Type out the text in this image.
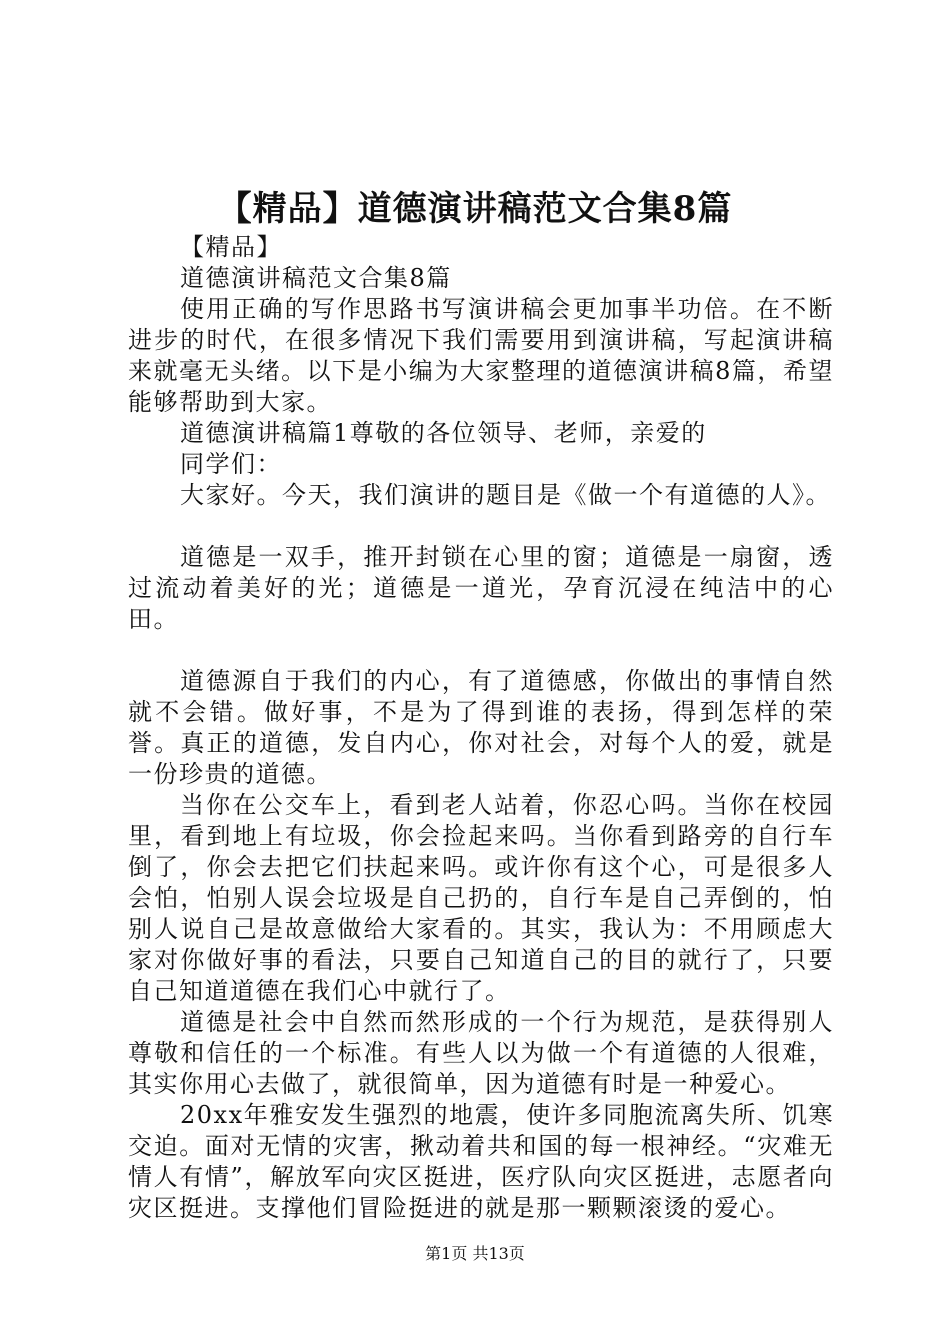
【精品】道德演讲稿范文合集8篇

【精品】

道德演讲稿范文合集8篇

使用正确的写作思路书写演讲稿会更加事半功倍。在不断进步的时代，在很多情况下我们需要用到演讲稿，写起演讲稿来就毫无头绪。以下是小编为大家整理的道德演讲稿8篇，希望能够帮助到大家。

道德演讲稿篇1尊敬的各位领导、老师，亲爱的

同学们：

大家好。今天，我们演讲的题目是《做一个有道德的人》。

道德是一双手，推开封锁在心里的窗；道德是一扇窗，透过流动着美好的光；道德是一道光，孕育沉浸在纯洁中的心田。

道德源自于我们的内心，有了道德感，你做出的事情自然就不会错。做好事，不是为了得到谁的表扬，得到怎样的荣誉。真正的道德，发自内心，你对社会，对每个人的爱，就是一份珍贵的道德。

当你在公交车上，看到老人站着，你忍心吗。当你在校园里，看到地上有垃圾，你会捡起来吗。当你看到路旁的自行车倒了，你会去把它们扶起来吗。或许你有这个心，可是很多人会怕，怕别人误会垃圾是自己扔的，自行车是自己弄倒的，怕别人说自己是故意做给大家看的。其实，我认为：不用顾虑大家对你做好事的看法，只要自己知道自己的目的就行了，只要自己知道道德在我们心中就行了。

道德是社会中自然而然形成的一个行为规范，是获得别人尊敬和信任的一个标准。有些人以为做一个有道德的人很难，其实你用心去做了，就很简单，因为道德有时是一种爱心。

20xx年雅安发生强烈的地震，使许多同胞流离失所、饥寒交迫。面对无情的灾害，揪动着共和国的每一根神经。“灾难无情人有情”，解放军向灾区挺进，医疗队向灾区挺进，志愿者向灾区挺进。支撑他们冒险挺进的就是那一颗颗滚烫的爱心。

第1页 共13页
